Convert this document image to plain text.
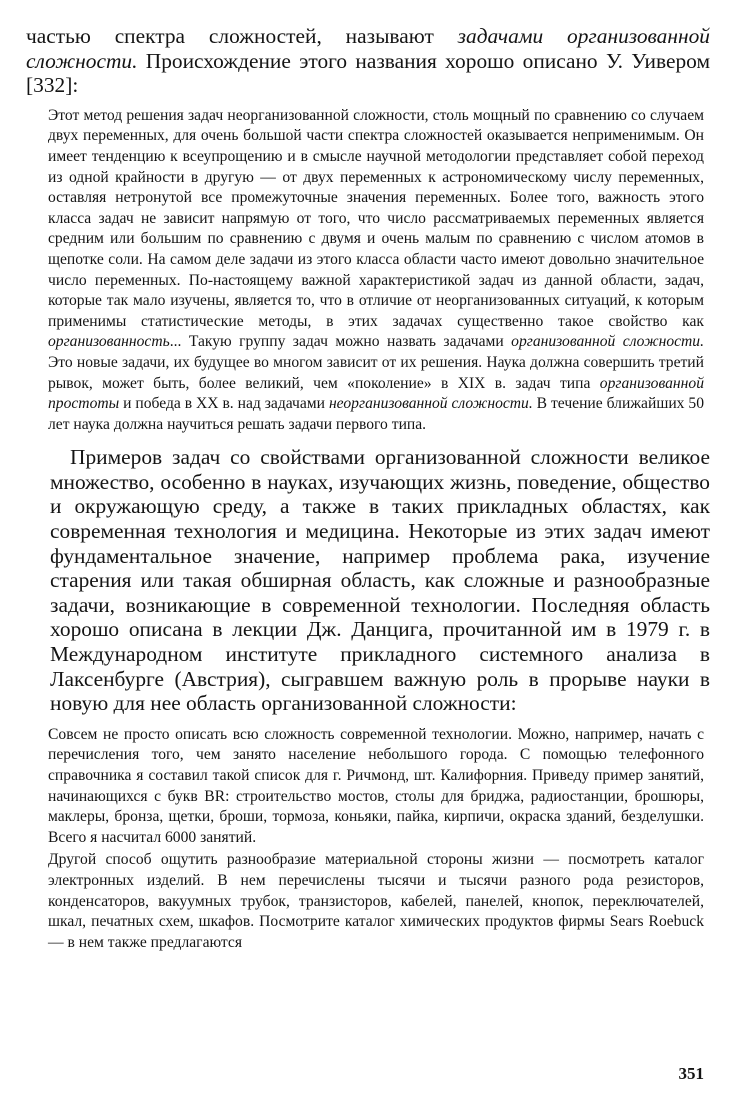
частью спектра сложностей, называют задачами организованной сложности. Происхождение этого названия хорошо описано У. Уивером [332]:

Этот метод решения задач неорганизованной сложности, столь мощный по сравнению со случаем двух переменных, для очень большой части спектра сложностей оказывается неприменимым. Он имеет тенденцию к всеупрощению и в смысле научной методологии представляет собой переход из одной крайности в другую — от двух переменных к астрономическому числу переменных, оставляя нетронутой все промежуточные значения переменных. Более того, важность этого класса задач не зависит напрямую от того, что число рассматриваемых переменных является средним или большим по сравнению с двумя и очень малым по сравнению с числом атомов в щепотке соли. На самом деле задачи из этого класса области часто имеют довольно значительное число переменных. По-настоящему важной характеристикой задач из данной области, задач, которые так мало изучены, является то, что в отличие от неорганизованных ситуаций, к которым применимы статистические методы, в этих задачах существенно такое свойство как организованность... Такую группу задач можно назвать задачами организованной сложности. Это новые задачи, их будущее во многом зависит от их решения. Наука должна совершить третий рывок, может быть, более великий, чем «поколение» в XIX в. задач типа организованной простоты и победа в XX в. над задачами неорганизованной сложности. В течение ближайших 50 лет наука должна научиться решать задачи первого типа.

Примеров задач со свойствами организованной сложности великое множество, особенно в науках, изучающих жизнь, поведение, общество и окружающую среду, а также в таких прикладных областях, как современная технология и медицина. Некоторые из этих задач имеют фундаментальное значение, например проблема рака, изучение старения или такая обширная область, как сложные и разнообразные задачи, возникающие в современной технологии. Последняя область хорошо описана в лекции Дж. Данцига, прочитанной им в 1979 г. в Международном институте прикладного системного анализа в Лаксенбурге (Австрия), сыгравшем важную роль в прорыве науки в новую для нее область организованной сложности:

Совсем не просто описать всю сложность современной технологии. Можно, например, начать с перечисления того, чем занято население небольшого города. С помощью телефонного справочника я составил такой список для г. Ричмонд, шт. Калифорния. Приведу пример занятий, начинающихся с букв BR: строительство мостов, столы для бриджа, радиостанции, брошюры, маклеры, бронза, щетки, броши, тормоза, коньяки, пайка, кирпичи, окраска зданий, безделушки. Всего я насчитал 6000 занятий.

Другой способ ощутить разнообразие материальной стороны жизни — посмотреть каталог электронных изделий. В нем перечислены тысячи и тысячи разного рода резисторов, конденсаторов, вакуумных трубок, транзисторов, кабелей, панелей, кнопок, переключателей, шкал, печатных схем, шкафов. Посмотрите каталог химических продуктов фирмы Sears Roebuck — в нем также предлагаются

351
